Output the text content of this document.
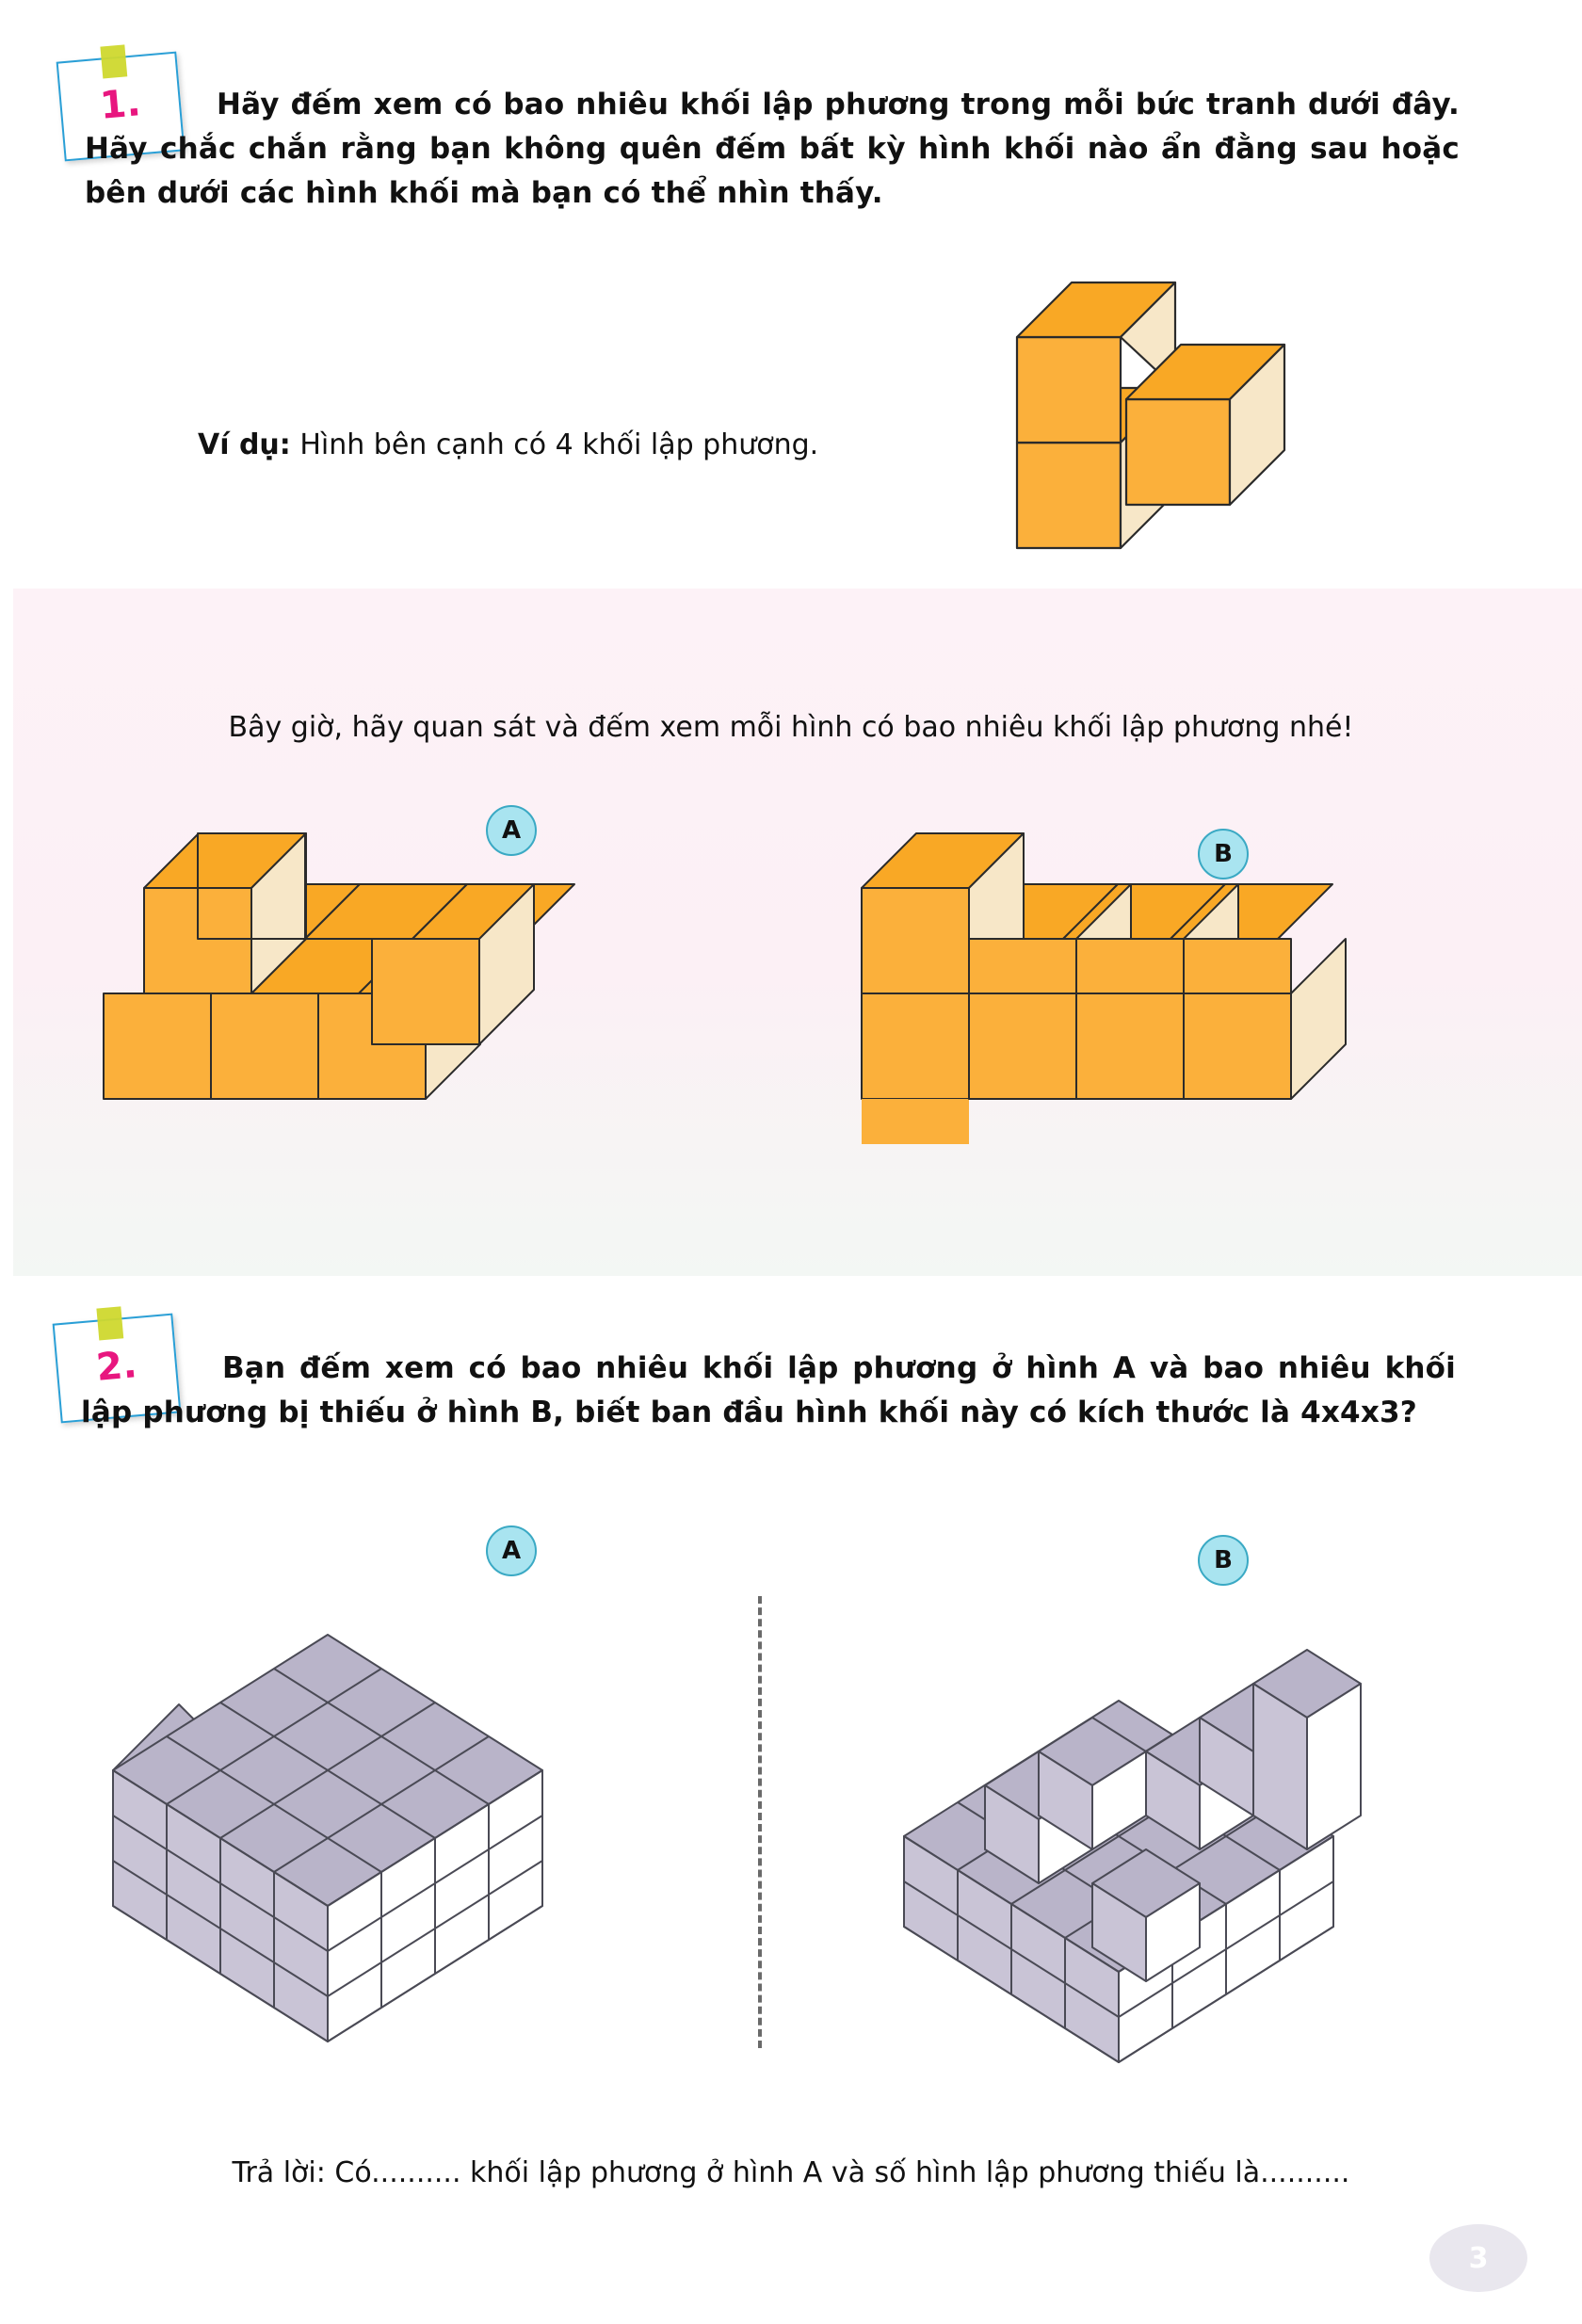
1.	Hãy đếm xem có bao nhiêu khối lập phương trong mỗi bức tranh dưới đây. Hãy chắc chắn rằng bạn không quên đếm bất kỳ hình khối nào ẩn đằng sau hoặc bên dưới các hình khối mà bạn có thể nhìn thấy.
Ví dụ: Hình bên cạnh có 4 khối lập phương.
Bây giờ, hãy quan sát và đếm xem mỗi hình có bao nhiêu khối lập phương nhé!
A
B
2.	Bạn đếm xem có bao nhiêu khối lập phương ở hình A và bao nhiêu khối lập phương bị thiếu ở hình B, biết ban đầu hình khối này có kích thước là 4x4x3?
A	B
Trả lời: Có.......... khối lập phương ở hình A và số hình lập phương thiếu là..........
3
